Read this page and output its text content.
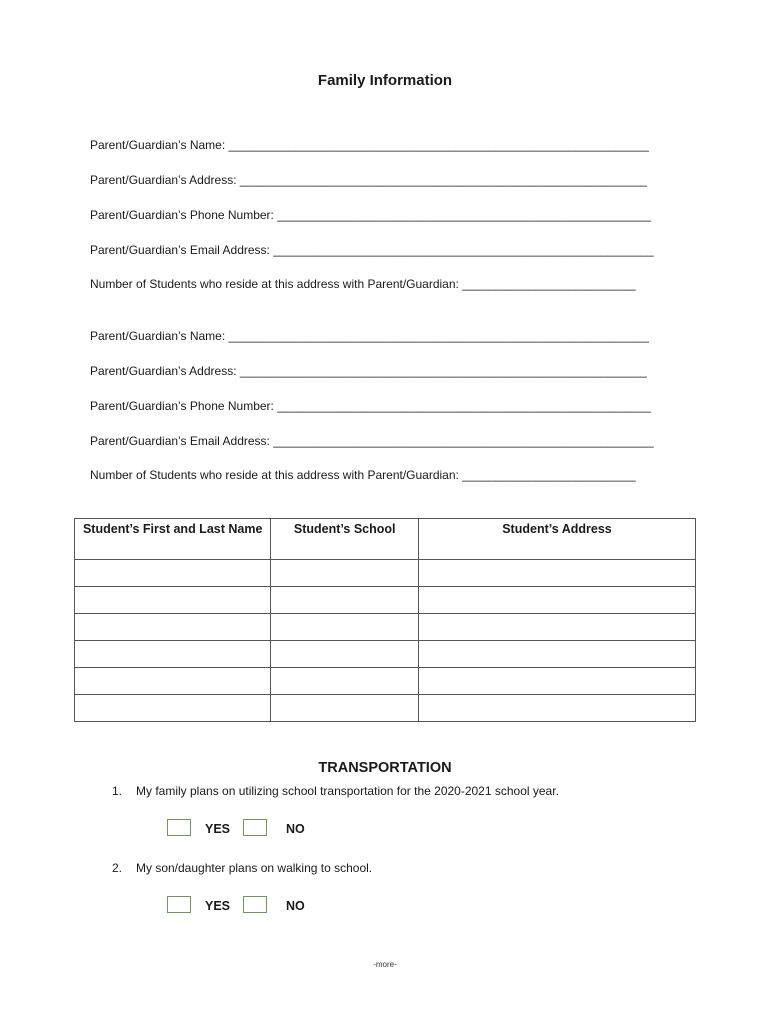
Family Information
Parent/Guardian’s Name: _______________________________________________________________
Parent/Guardian’s Address: _____________________________________________________________
Parent/Guardian’s Phone Number: ________________________________________________________
Parent/Guardian’s Email Address: _________________________________________________________
Number of Students who reside at this address with Parent/Guardian: __________________________
Parent/Guardian’s Name: _______________________________________________________________
Parent/Guardian’s Address: _____________________________________________________________
Parent/Guardian’s Phone Number: ________________________________________________________
Parent/Guardian’s Email Address: _________________________________________________________
Number of Students who reside at this address with Parent/Guardian: __________________________
Student’s First and Last Name	Student’s School	Student’s Address

TRANSPORTATION
1. My family plans on utilizing school transportation for the 2020-2021 school year.
YES	NO
2. My son/daughter plans on walking to school.
YES	NO
-more-
